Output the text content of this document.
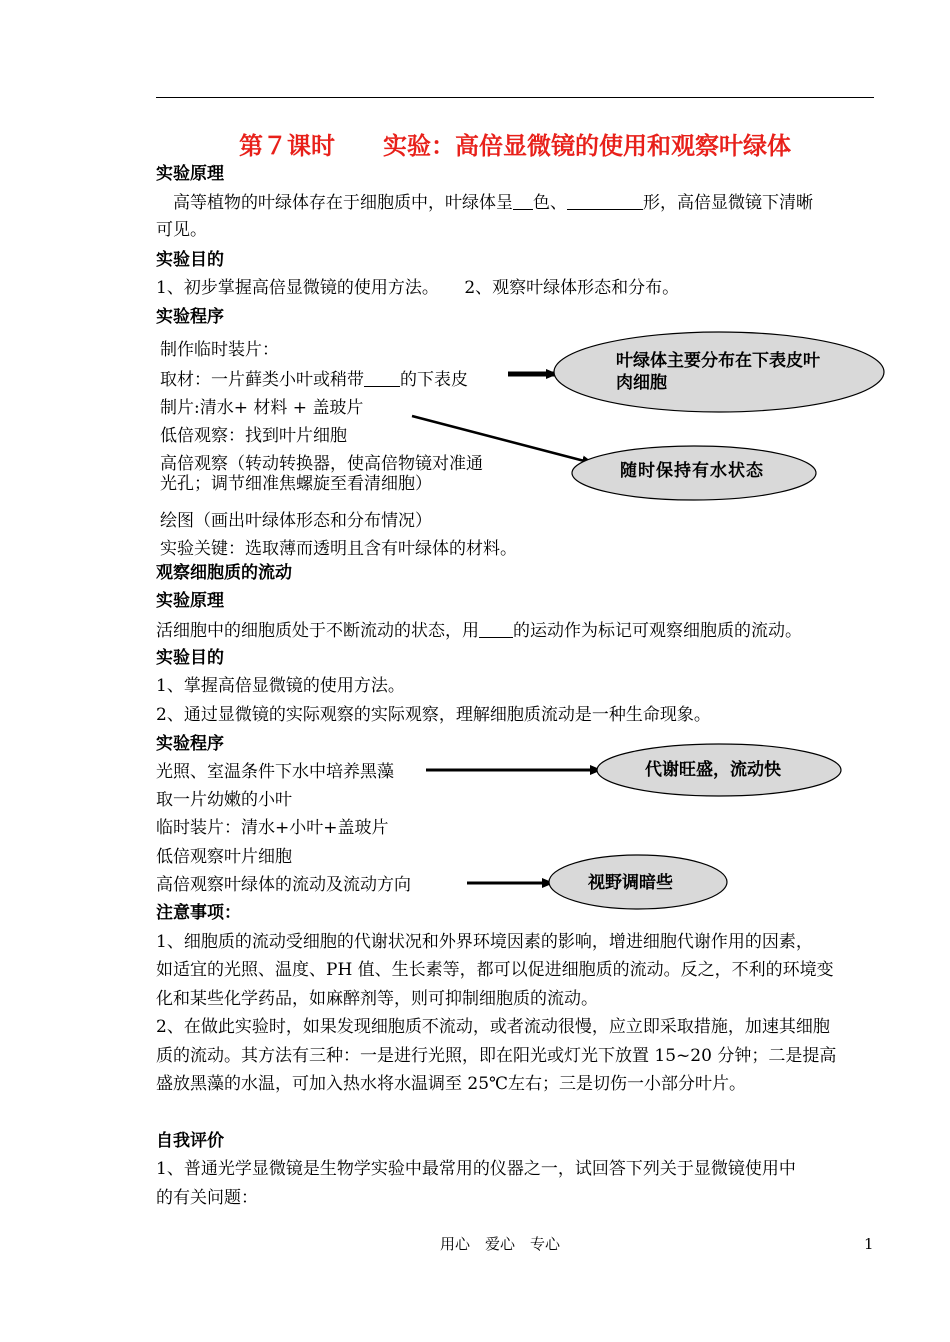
第７课时　　实验：高倍显微镜的使用和观察叶绿体
实验原理
　高等植物的叶绿体存在于细胞质中，叶绿体呈 色、	形，高倍显微镜下清晰
可见。
实验目的
1、初步掌握高倍显微镜的使用方法。　　2、观察叶绿体形态和分布。
实验程序
制作临时装片：
取材：一片藓类小叶或稍带 的下表皮
制片:清水+ 材料 + 盖玻片
低倍观察：找到叶片细胞
高倍观察（转动转换器，使高倍物镜对准通
光孔；调节细准焦螺旋至看清细胞）
绘图（画出叶绿体形态和分布情况）
实验关键：选取薄而透明且含有叶绿体的材料。
观察细胞质的流动
实验原理
活细胞中的细胞质处于不断流动的状态，用 的运动作为标记可观察细胞质的流动。
实验目的
1、掌握高倍显微镜的使用方法。
2、通过显微镜的实际观察的实际观察，理解细胞质流动是一种生命现象。
实验程序
光照、室温条件下水中培养黑藻
取一片幼嫩的小叶
临时装片：清水+小叶+盖玻片
低倍观察叶片细胞
高倍观察叶绿体的流动及流动方向
注意事项：
1、细胞质的流动受细胞的代谢状况和外界环境因素的影响，增进细胞代谢作用的因素，
如适宜的光照、温度、PH 值、生长素等，都可以促进细胞质的流动。反之，不利的环境变
化和某些化学药品，如麻醉剂等，则可抑制细胞质的流动。
2、在做此实验时，如果发现细胞质不流动，或者流动很慢，应立即采取措施，加速其细胞
质的流动。其方法有三种：一是进行光照，即在阳光或灯光下放置 15~20 分钟；二是提高
盛放黑藻的水温，可加入热水将水温调至 25℃左右；三是切伤一小部分叶片。
自我评价
1、普通光学显微镜是生物学实验中最常用的仪器之一，试回答下列关于显微镜使用中
的有关问题：
用心　爱心　专心	1
叶绿体主要分布在下表皮叶肉细胞
随时保持有水状态
代谢旺盛，流动快
视野调暗些
